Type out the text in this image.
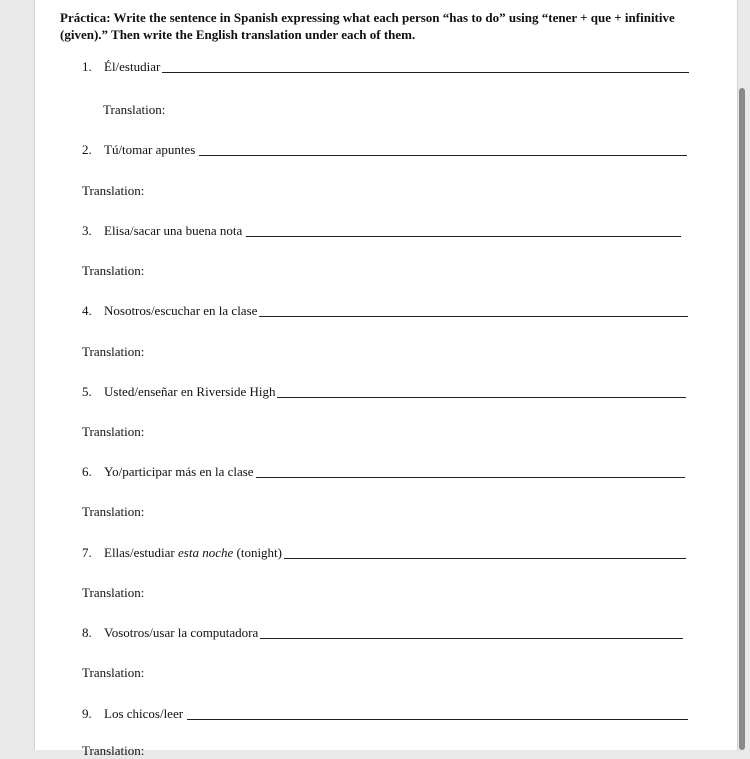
Práctica: Write the sentence in Spanish expressing what each person “has to do” using “tener + que + infinitive (given).” Then write the English translation under each of them.
1. Él/estudiar
Translation:
2. Tú/tomar apuntes
Translation:
3. Elisa/sacar una buena nota
Translation:
4. Nosotros/escuchar en la clase
Translation:
5. Usted/enseñar en Riverside High
Translation:
6. Yo/participar más en la clase
Translation:
7. Ellas/estudiar esta noche (tonight)
Translation:
8. Vosotros/usar la computadora
Translation:
9. Los chicos/leer
Translation:
